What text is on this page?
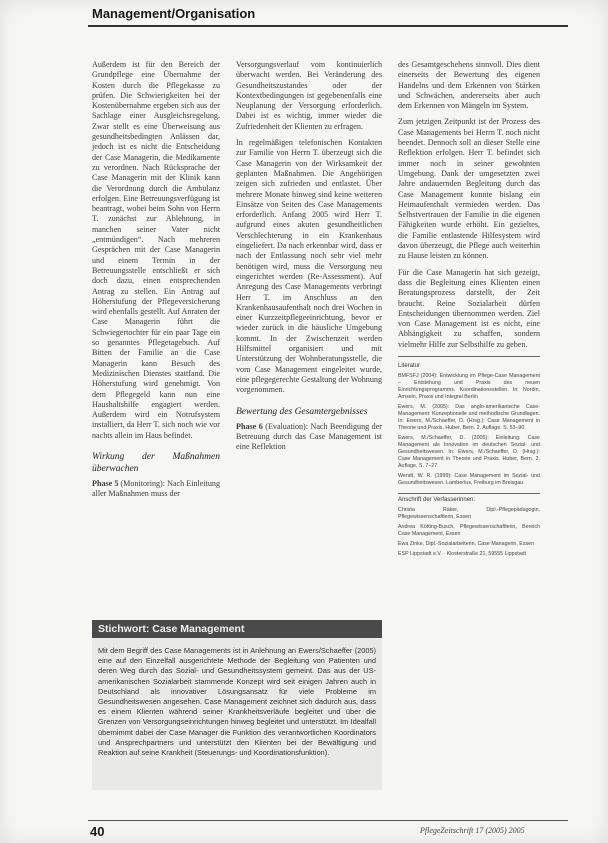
Management/Organisation

Außerdem ist für den Bereich der Grundpflege eine Übernahme der Kosten durch die Pflegekasse zu prüfen. Die Schwierigkeiten bei der Kostenübernahme ergeben sich aus der Sachlage einer Ausgleichsregelung. Zwar stellt es eine Überweisung aus gesundheitsbedingten Anlässen dar, jedoch ist es nicht die Entscheidung der Case Managerin, die Medikamente zu verordnen. Nach Rücksprache der Case Managerin mit der Klinik kann die Verordnung durch die Ambulanz erfolgen. Eine Betreuungsverfügung ist beantragt, wobei beim Sohn von Herrn T. zunächst zur Ablehnung, in manchen seiner Vater nicht „entmündigen“. Nach mehreren Gesprächen mit der Case Managerin und einem Termin in der Betreuungsstelle entschließt er sich doch dazu, einen entsprechenden Antrag zu stellen. Ein Antrag auf Höherstufung der Pflegeversicherung wird ebenfalls gestellt. Auf Anraten der Case Managerin führt die Schwiegertochter für ein paar Tage ein so genanntes Pflegetagebuch. Auf Bitten der Familie an die Case Managerin kann Besuch des Medizinischen Dienstes stattfand. Die Höherstufung wird genehmigt. Von dem Pflegegeld kann nun eine Haushaltshilfe engagiert werden. Außerdem wird ein Notrufsystem installiert, da Herr T. sich noch wie vor nachts allein im Haus befindet.

Wirkung der Maßnahmen überwachen

Phase 5 (Monitoring): Nach Einleitung aller Maßnahmen muss der

Versorgungsverlauf vom kontinuierlich überwacht werden. Bei Veränderung des Gesundheitszustandes oder der Kontextbedingungen ist gegebenenfalls eine Neuplanung der Versorgung erforderlich. Dabei ist es wichtig, immer wieder die Zufriedenheit der Klienten zu erfragen.

In regelmäßigen telefonischen Kontakten zur Familie von Herrn T. überzeugt sich die Case Managerin von der Wirksamkeit der geplanten Maßnahmen. Die Angehörigen zeigen sich zufrieden und entlastet. Über mehrere Monate hinweg sind keine weiteren Einsätze von Seiten des Case Managements erforderlich. Anfang 2005 wird Herr T. aufgrund eines akuten gesundheitlichen Verschlechterung in ein Krankenhaus eingeliefert. Da nach erkennbar wird, dass er nach der Entlassung noch sehr viel mehr benötigen wird, muss die Versorgung neu eingerichtet werden (Re-Assessment). Auf Anregung des Case Managements verbringt Herr T. im Anschluss an den Krankenhausaufenthalt noch drei Wochen in einer Kurzzeitpflegeeinrichtung, bevor er wieder zurück in die häusliche Umgebung kommt. In der Zwischenzeit werden Hilfsmittel organisiert und mit Unterstützung der Wohnberatungsstelle, die vom Case Management eingeleitet wurde, eine pflegegerechte Gestaltung der Wohnung vorgenommen.

Bewertung des Gesamtergebnisses

Phase 6 (Evaluation): Nach Beendigung der Betreuung durch das Case Management ist eine Reflektion

des Gesamtgeschehens sinnvoll. Dies dient einerseits der Bewertung des eigenen Handelns und dem Erkennen von Stärken und Schwächen, andererseits aber auch dem Erkennen von Mängeln im System.

Zum jetzigen Zeitpunkt ist der Prozess des Case Managements bei Herrn T. noch nicht beendet. Dennoch soll an dieser Stelle eine Reflektion erfolgen. Herr T. befindet sich immer noch in seiner gewohnten Umgebung. Dank der umgesetzten zwei Jahre andauernden Begleitung durch das Case Management konnte bislang ein Heimaufenthalt vermieden werden. Das Selbstvertrauen der Familie in die eigenen Fähigkeiten wurde erhöht. Ein gezieltes, die Familie entlastende Hilfesystem wird davon überzeugt, die Pflege auch weiterhin zu Hause leisten zu können.

Für die Case Managerin hat sich gezeigt, dass die Begleitung eines Klienten einen Beratungsprozess darstellt, der Zeit braucht. Reine Sozialarbeit dürfen Entscheidungen übernommen werden. Ziel von Case Management ist es nicht, eine Abhängigkeit zu schaffen, sondern vielmehr Hilfe zur Selbsthilfe zu geben.

Literatur
BMFSFJ (2004): Entwicklung im Pflege-Case Management – Entstehung und Praxis des neuen Einrichtungsprogramms. Koordinationsstellen. In: Nordin, Amseln, Praxis und Integral Berlin
Ewers, M. (2005): Das anglo-amerikanische Case-Management: Konzeptionelle und methodische Grundlagen. In: Ewers, M./Schaeffer, D. (Hrsg.): Case Management in Theorie und Praxis. Huber, Bern. 2. Auflage. S. 53–90
Ewers, M./Schaeffer, D. (2005): Einleitung: Case Management als Innovation im deutschen Sozial- und Gesundheitswesen. In: Ewers, M./Schaeffer, D. (Hrsg.): Case Management in Theorie und Praxis. Huber, Bern. 2. Auflage, S. 7–27
Wendt, W. R. (1999): Case Management im Sozial- und Gesundheitswesen. Lambertus, Freiburg im Breisgau
Anschrift der Verfasserinnen:
Christa Räker, Dipl.-Pflegepädagogin, Pflegewissenschaftlerin, Essen
Andrea Kötting-Busch, Pflegewissenschaftlerin, Bereich Case Management, Essen
Ewa Zinke, Dipl.-Sozialarbeiterin, Case Managerin, Essen
ESP Lippstadt e.V. · Klosterstraße 21, 59555 Lippstadt
Stichwort: Case Management
Mit dem Begriff des Case Managements ist in Anlehnung an Ewers/Schaeffer (2005) eine auf den Einzelfall ausgerichtete Methode der Begleitung von Patienten und deren Weg durch das Sozial- und Gesundheitssystem gemeint. Das aus der US-amerikanischen Sozialarbeit stammende Konzept wird seit einigen Jahren auch in Deutschland als innovativer Lösungsansatz für viele Probleme im Gesundheitswesen angesehen. Case Management zeichnet sich dadurch aus, dass es einem Klienten während seiner Krankheitsverläufe begleitet und über die Grenzen von Versorgungseinrichtungen hinweg begleitet und unterstützt. Im Idealfall übernimmt dabei der Case Manager die Funktion des verantwortlichen Koordinators und Ansprechpartners und unterstützt den Klienten bei der Bewältigung und Reaktion auf seine Krankheit (Steuerungs- und Koordinationsfunktion).
40	PflegeZeitschrift 17 (2005) 2005
